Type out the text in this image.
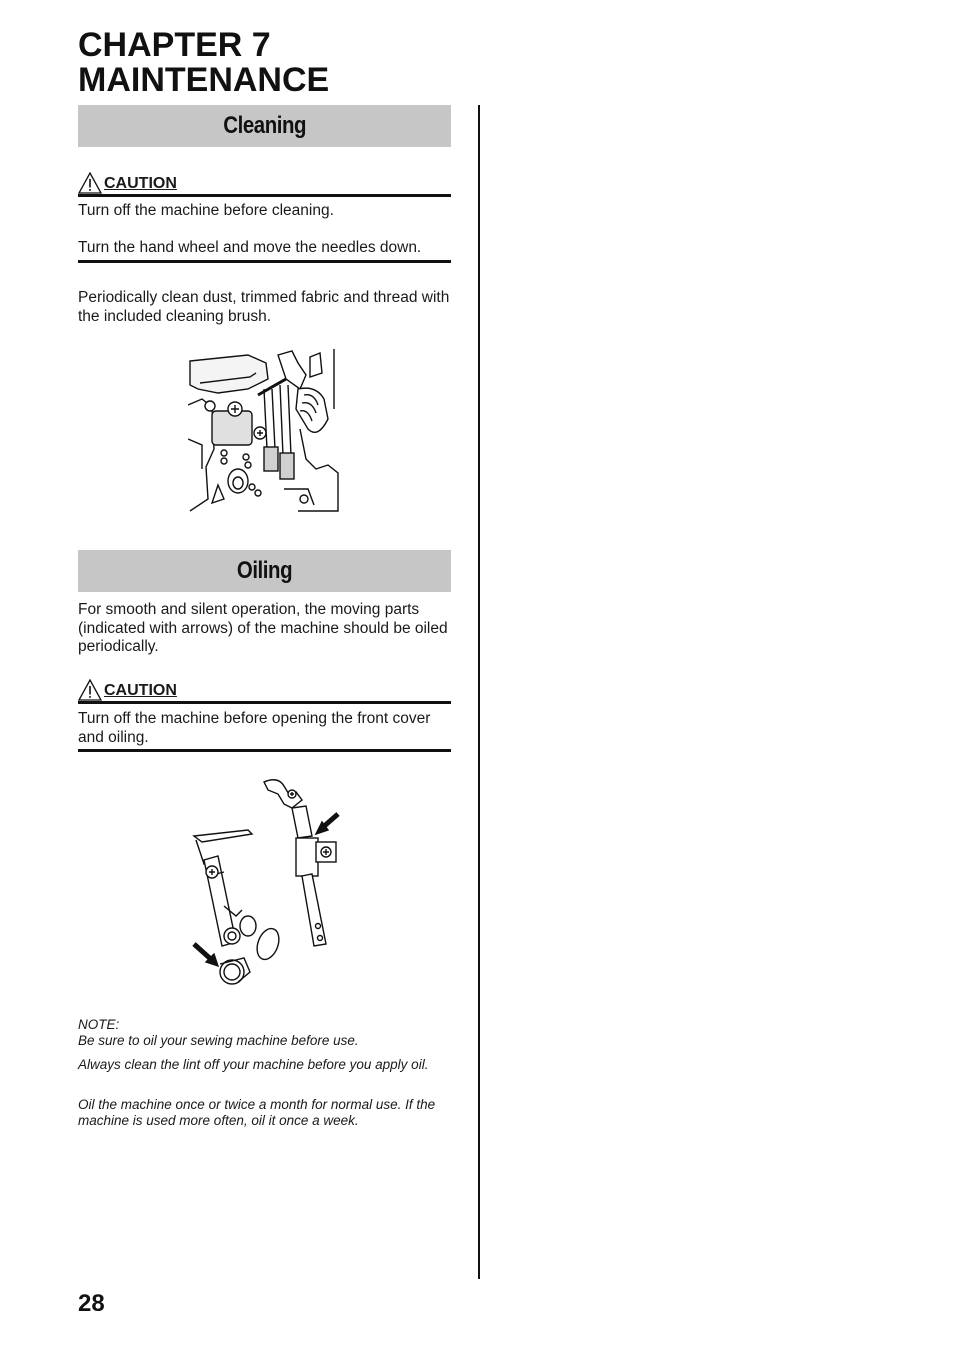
CHAPTER 7
MAINTENANCE
Cleaning
CAUTION
Turn off the machine before cleaning.
Turn the hand wheel and move the needles down.
Periodically clean dust, trimmed fabric and thread with the included cleaning brush.
Oiling
For smooth and silent operation, the moving parts (indicated with arrows) of the machine should be oiled periodically.
CAUTION
Turn off the machine before opening the front cover and oiling.
NOTE:
Be sure to oil your sewing machine before use.
Always clean the lint off your machine before you apply oil.
Oil the machine once or twice a month for normal use. If the machine is used more often, oil it once a week.
28
